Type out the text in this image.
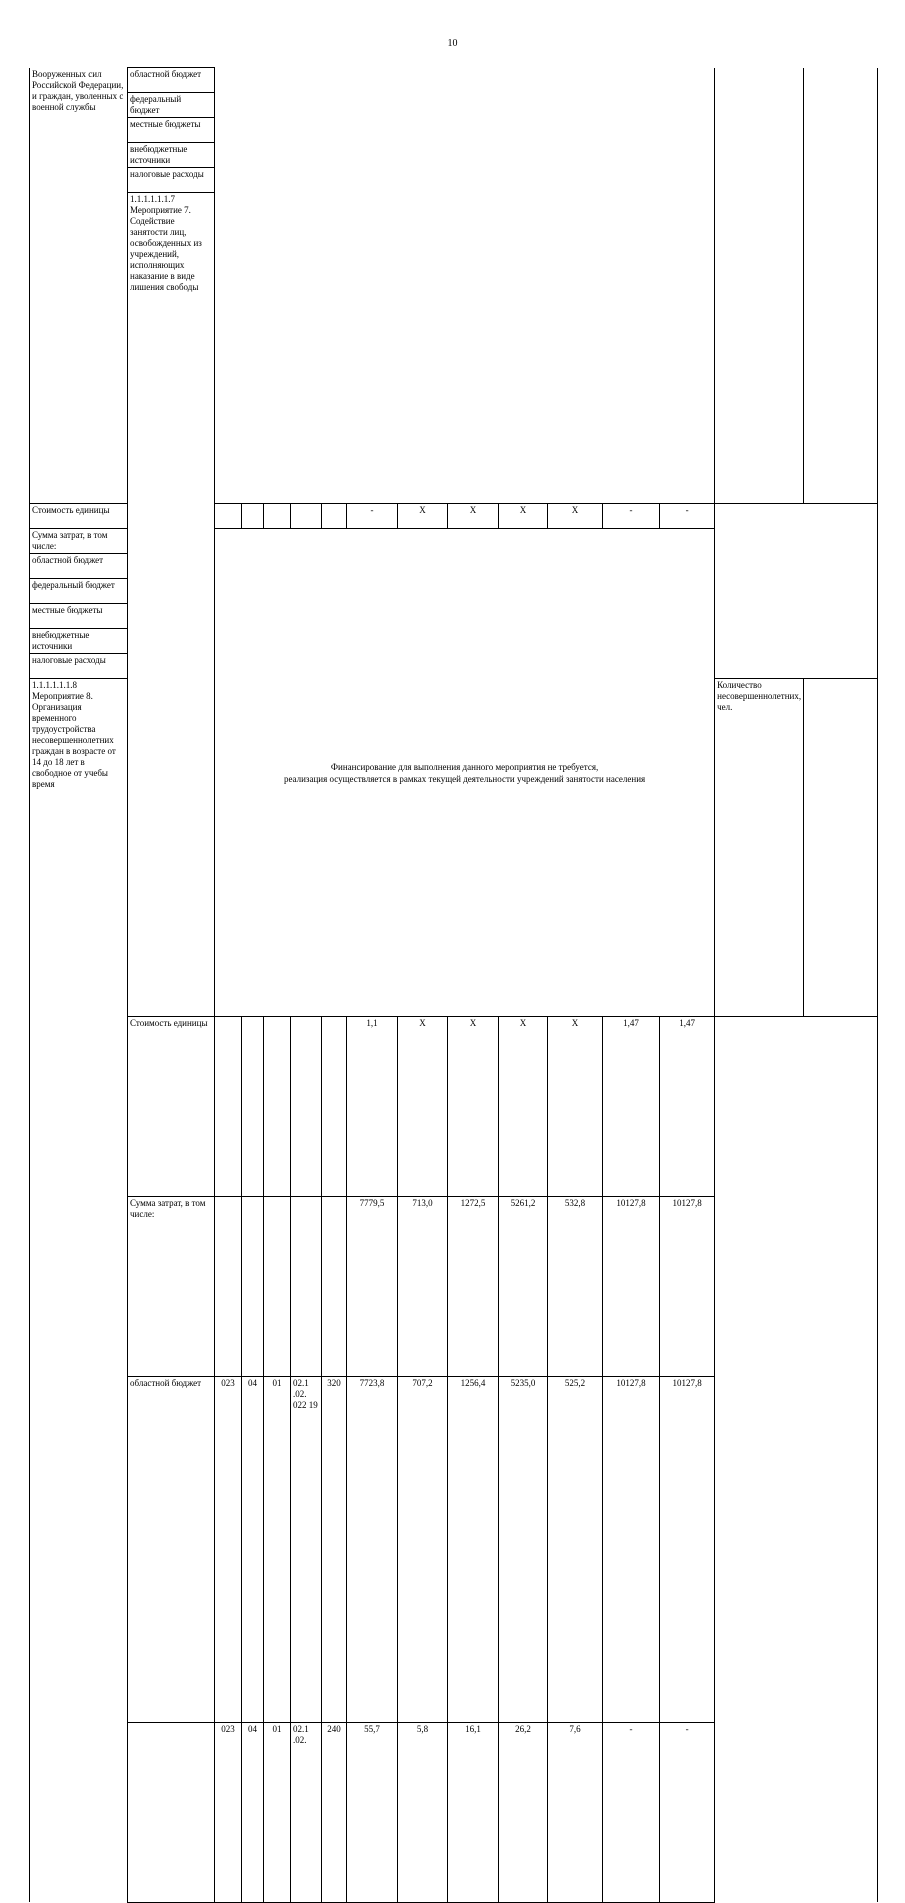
10
Вооруженных сил Российской Федерации, и граждан, уволенных с военной службы	областной бюджет															
	федеральный бюджет															
	местные бюджеты															
	внебюджетные источники															
	налоговые расходы															
	1.1.1.1.1.1.7 Мероприятие 7. Содействие занятости лиц, освобожденных из учреждений, исполняющих наказание в виде лишения свободы															
Стоимость единицы							-	X	X	X	X	-	-			
Сумма затрат, в том числе:		Финансирование для выполнения данного мероприятия не требуется,
реализация осуществляется в рамках текущей деятельности учреждений занятости населения														

областной бюджет																
федеральный бюджет																
местные бюджеты																
внебюджетные источники																
налоговые расходы																
1.1.1.1.1.1.8 Мероприятие 8. Организация временного трудоустройства несовершеннолетних граждан в возрасте от 14 до 18 лет в свободное от учебы время														Количество несовершеннолетних, чел.														
	Стоимость единицы						1,1	X	X	X	X	1,47	1,47			
	Сумма затрат, в том числе:						7779,5	713,0	1272,5	5261,2	532,8	10127,8	10127,8			
	областной бюджет	023	04	01	02.1 .02. 022 19	320	7723,8	707,2	1256,4	5235,0	525,2	10127,8	10127,8			
		023	04	01	02.1 .02.	240	55,7	5,8	16,1	26,2	7,6	-	-			
